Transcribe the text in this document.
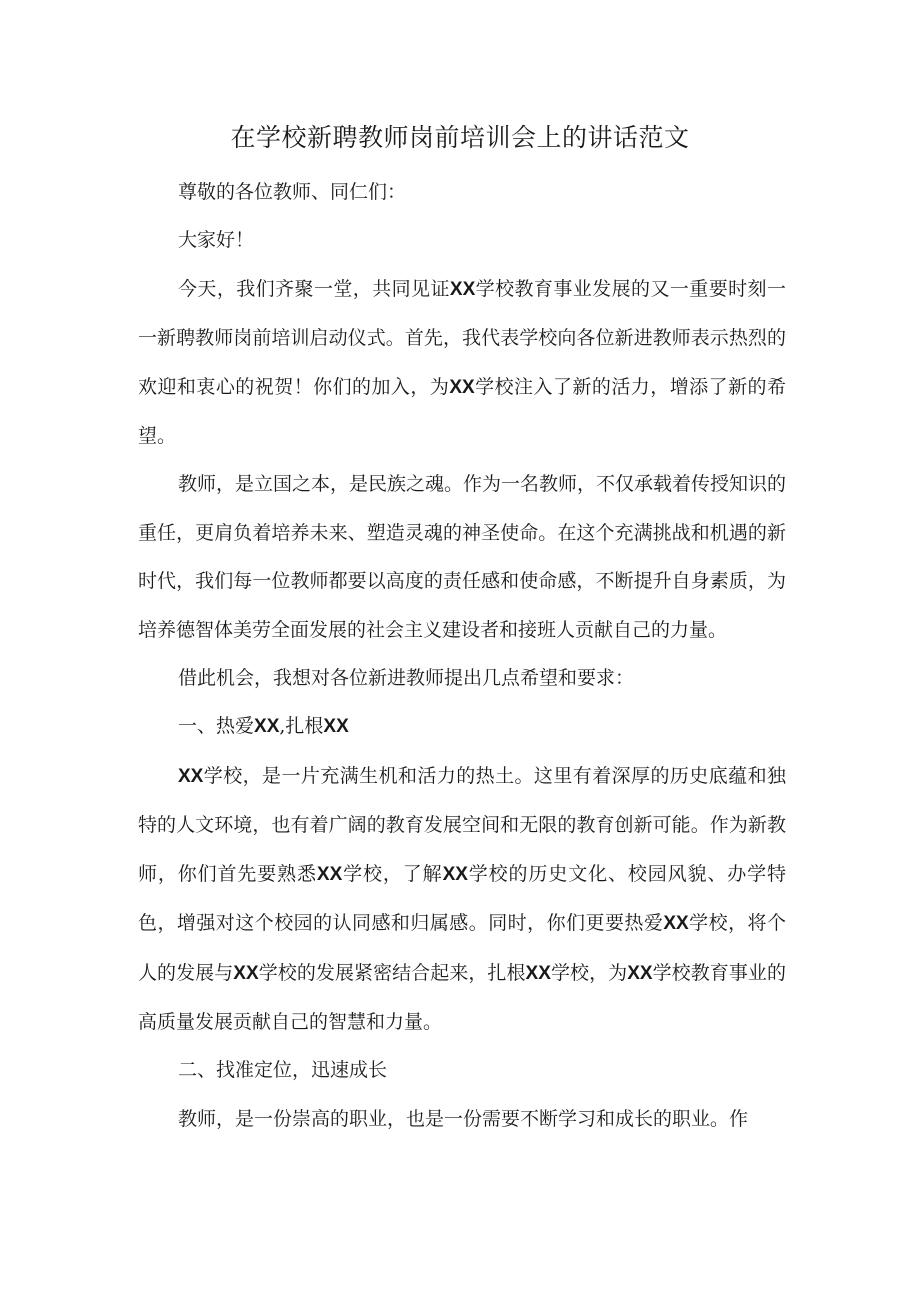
在学校新聘教师岗前培训会上的讲话范文

尊敬的各位教师、同仁们：

大家好！

今天，我们齐聚一堂，共同见证XX学校教育事业发展的又一重要时刻一一新聘教师岗前培训启动仪式。首先，我代表学校向各位新进教师表示热烈的欢迎和衷心的祝贺！你们的加入，为XX学校注入了新的活力，增添了新的希望。

教师，是立国之本，是民族之魂。作为一名教师，不仅承载着传授知识的重任，更肩负着培养未来、塑造灵魂的神圣使命。在这个充满挑战和机遇的新时代，我们每一位教师都要以高度的责任感和使命感，不断提升自身素质，为培养德智体美劳全面发展的社会主义建设者和接班人贡献自己的力量。

借此机会，我想对各位新进教师提出几点希望和要求：

一、热爱XX,扎根XX

XX学校，是一片充满生机和活力的热土。这里有着深厚的历史底蕴和独特的人文环境，也有着广阔的教育发展空间和无限的教育创新可能。作为新教师，你们首先要熟悉XX学校，了解XX学校的历史文化、校园风貌、办学特色，增强对这个校园的认同感和归属感。同时，你们更要热爱XX学校，将个人的发展与XX学校的发展紧密结合起来，扎根XX学校，为XX学校教育事业的高质量发展贡献自己的智慧和力量。

二、找准定位，迅速成长

教师，是一份崇高的职业，也是一份需要不断学习和成长的职业。作
